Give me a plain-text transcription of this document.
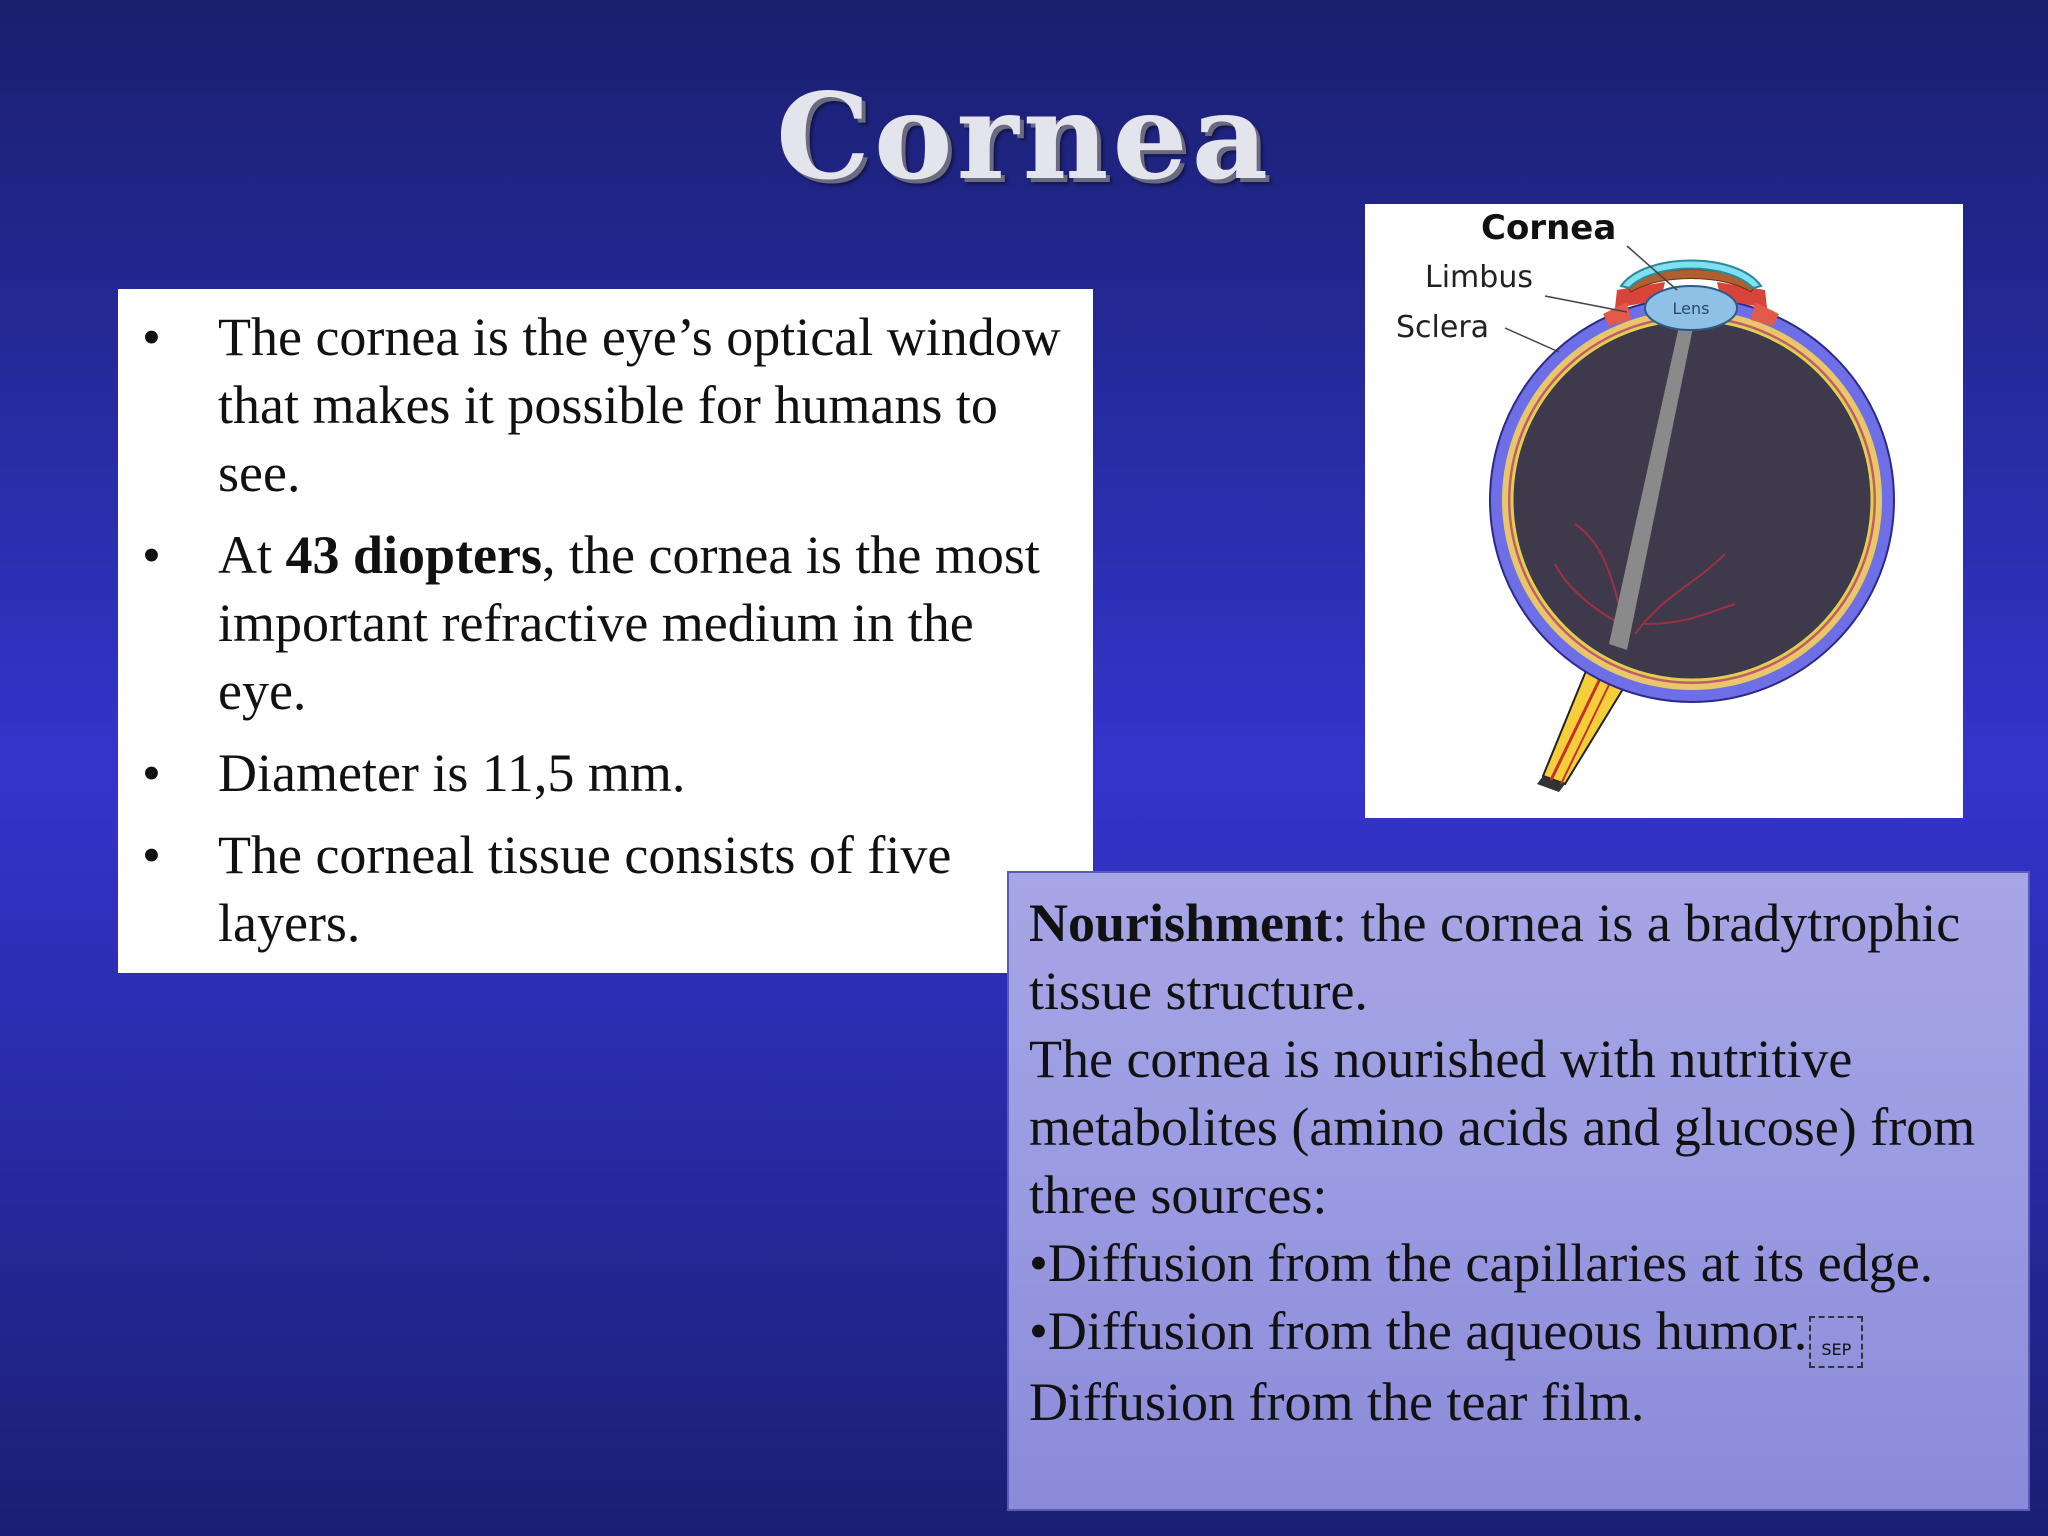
Cornea
• The cornea is the eye’s optical window that makes it possible for humans to see.
• At 43 diopters, the cornea is the most important refractive medium in the eye.
• Diameter is 11,5 mm.
• The corneal tissue consists of five layers.
Lens
Cornea
Limbus
Sclera

Nourishment: the cornea is a bradytrophic tissue structure.

The cornea is nourished with nutritive metabolites (amino acids and glucose) from three sources:

•Diffusion from the capillaries at its edge.

•Diffusion from the aqueous humor. SEPDiffusion from the tear film.
